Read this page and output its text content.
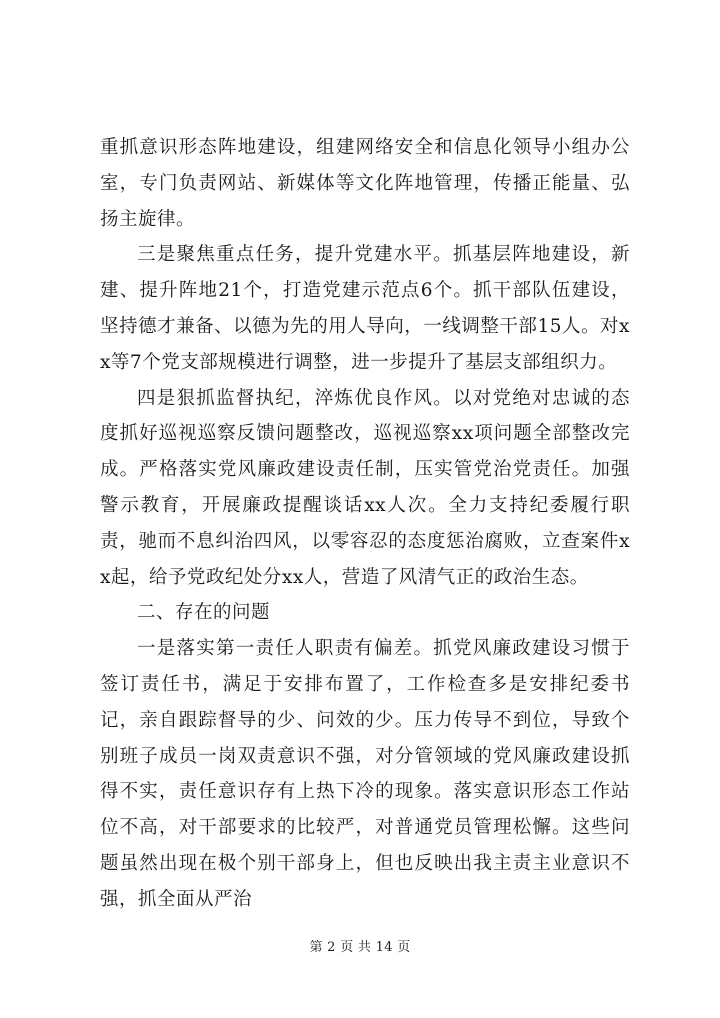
重抓意识形态阵地建设，组建网络安全和信息化领导小组办公室，专门负责网站、新媒体等文化阵地管理，传播正能量、弘扬主旋律。

三是聚焦重点任务，提升党建水平。抓基层阵地建设，新建、提升阵地21个，打造党建示范点6个。抓干部队伍建设，坚持德才兼备、以德为先的用人导向，一线调整干部15人。对xx等7个党支部规模进行调整，进一步提升了基层支部组织力。

四是狠抓监督执纪，淬炼优良作风。以对党绝对忠诚的态度抓好巡视巡察反馈问题整改，巡视巡察xx项问题全部整改完成。严格落实党风廉政建设责任制，压实管党治党责任。加强警示教育，开展廉政提醒谈话xx人次。全力支持纪委履行职责，驰而不息纠治四风，以零容忍的态度惩治腐败，立查案件xx起，给予党政纪处分xx人，营造了风清气正的政治生态。

二、存在的问题

一是落实第一责任人职责有偏差。抓党风廉政建设习惯于签订责任书，满足于安排布置了，工作检查多是安排纪委书记，亲自跟踪督导的少、问效的少。压力传导不到位，导致个别班子成员一岗双责意识不强，对分管领域的党风廉政建设抓得不实，责任意识存有上热下冷的现象。落实意识形态工作站位不高，对干部要求的比较严，对普通党员管理松懈。这些问题虽然出现在极个别干部身上，但也反映出我主责主业意识不强，抓全面从严治

第 2 页 共 14 页
